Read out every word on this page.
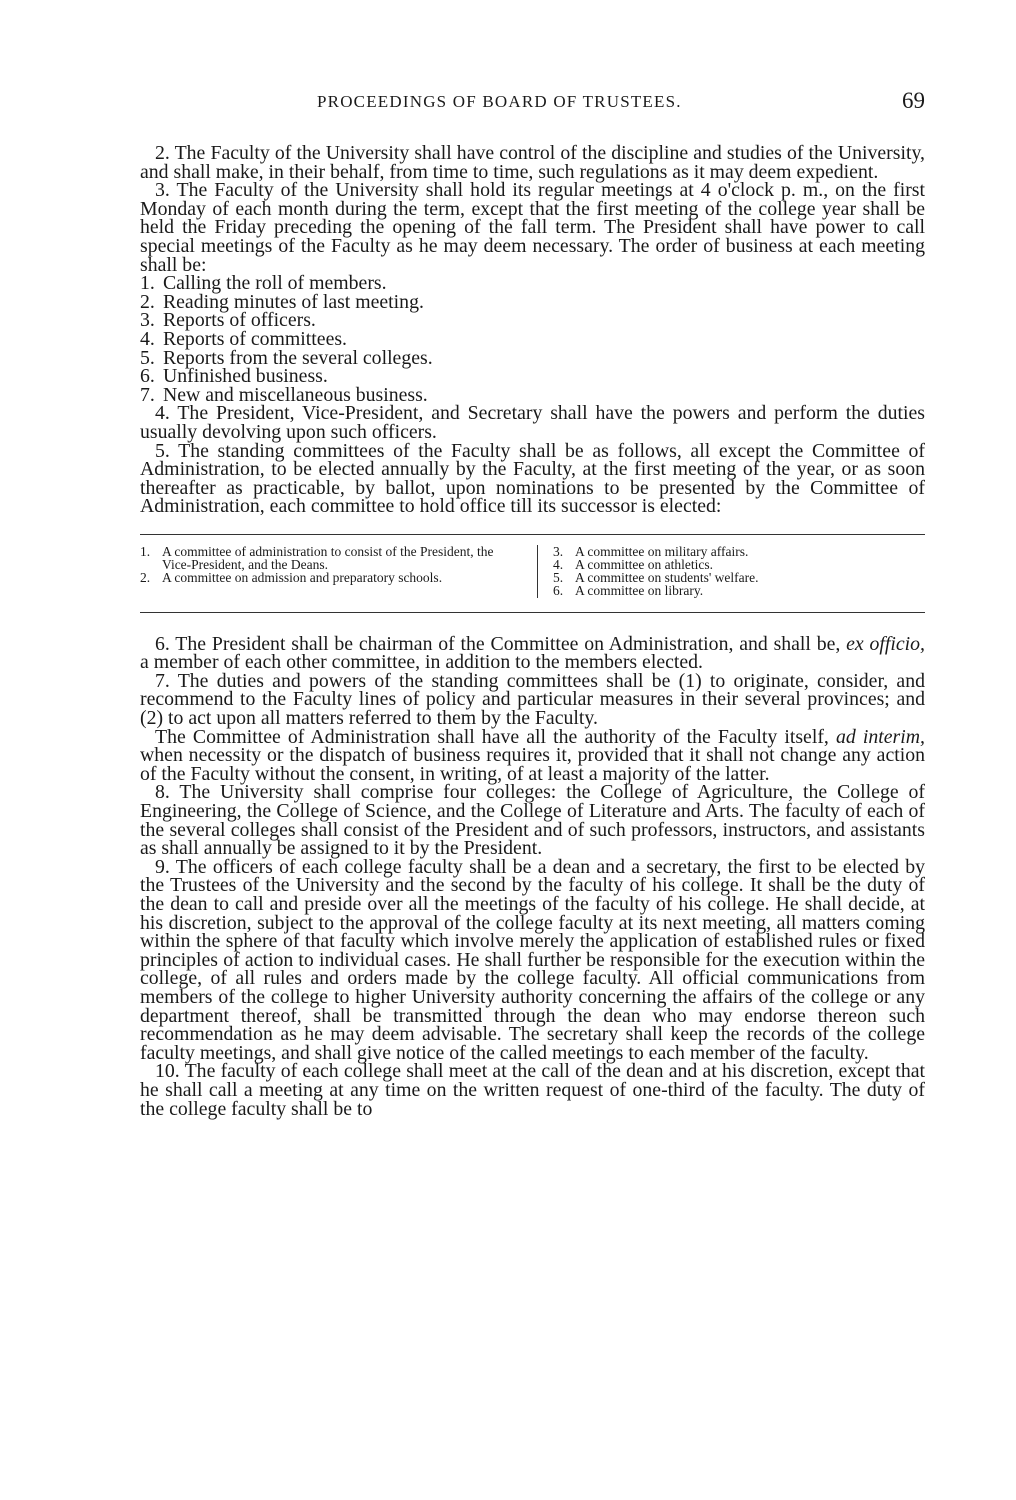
PROCEEDINGS OF BOARD OF TRUSTEES.	69

2. The Faculty of the University shall have control of the discipline and studies of the University, and shall make, in their behalf, from time to time, such regulations as it may deem expedient.

3. The Faculty of the University shall hold its regular meetings at 4 o'clock p. m., on the first Monday of each month during the term, except that the first meeting of the college year shall be held the Friday preceding the opening of the fall term. The President shall have power to call special meetings of the Faculty as he may deem necessary. The order of business at each meeting shall be:

1. Calling the roll of members.
2. Reading minutes of last meeting.
3. Reports of officers.
4. Reports of committees.
5. Reports from the several colleges.
6. Unfinished business.
7. New and miscellaneous business.

4. The President, Vice-President, and Secretary shall have the powers and perform the duties usually devolving upon such officers.

5. The standing committees of the Faculty shall be as follows, all except the Committee of Administration, to be elected annually by the Faculty, at the first meeting of the year, or as soon thereafter as practicable, by ballot, upon nominations to be presented by the Committee of Administration, each committee to hold office till its successor is elected:

1. A committee of administration to consist of the President, the Vice-President, and the Deans.
2. A committee on admission and preparatory schools.
3. A committee on military affairs.
4. A committee on athletics.
5. A committee on students' welfare.
6. A committee on library.

6. The President shall be chairman of the Committee on Administration, and shall be, ex officio, a member of each other committee, in addition to the members elected.

7. The duties and powers of the standing committees shall be (1) to originate, consider, and recommend to the Faculty lines of policy and particular measures in their several provinces; and (2) to act upon all matters referred to them by the Faculty.

The Committee of Administration shall have all the authority of the Faculty itself, ad interim, when necessity or the dispatch of business requires it, provided that it shall not change any action of the Faculty without the consent, in writing, of at least a majority of the latter.

8. The University shall comprise four colleges: the College of Agriculture, the College of Engineering, the College of Science, and the College of Literature and Arts. The faculty of each of the several colleges shall consist of the President and of such professors, instructors, and assistants as shall annually be assigned to it by the President.

9. The officers of each college faculty shall be a dean and a secretary, the first to be elected by the Trustees of the University and the second by the faculty of his college. It shall be the duty of the dean to call and preside over all the meetings of the faculty of his college. He shall decide, at his discretion, subject to the approval of the college faculty at its next meeting, all matters coming within the sphere of that faculty which involve merely the application of established rules or fixed principles of action to individual cases. He shall further be responsible for the execution within the college, of all rules and orders made by the college faculty. All official communications from members of the college to higher University authority concerning the affairs of the college or any department thereof, shall be transmitted through the dean who may endorse thereon such recommendation as he may deem advisable. The secretary shall keep the records of the college faculty meetings, and shall give notice of the called meetings to each member of the faculty.

10. The faculty of each college shall meet at the call of the dean and at his discretion, except that he shall call a meeting at any time on the written request of one-third of the faculty. The duty of the college faculty shall be to
